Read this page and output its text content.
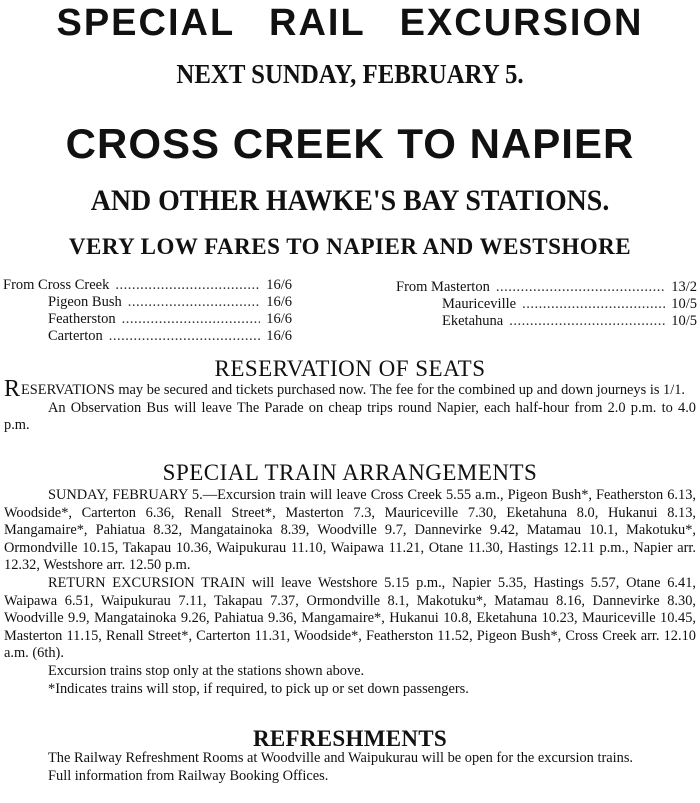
SPECIAL RAIL EXCURSION
NEXT SUNDAY, FEBRUARY 5.
CROSS CREEK TO NAPIER
AND OTHER HAWKE'S BAY STATIONS.
VERY LOW FARES TO NAPIER AND WESTSHORE
From Cross Creek .....	16/6
Pigeon Bush .....	16/6
Featherston .....	16/6
Carterton .....	16/6
From Masterton .....	13/2
Mauriceville .....	10/5
Eketahuna .....	10/5
RESERVATION OF SEATS

RESERVATIONS may be secured and tickets purchased now. The fee for the combined up and down journeys is 1/1.

An Observation Bus will leave The Parade on cheap trips round Napier, each half-hour from 2.0 p.m. to 4.0 p.m.

SPECIAL TRAIN ARRANGEMENTS

SUNDAY, FEBRUARY 5.—Excursion train will leave Cross Creek 5.55 a.m., Pigeon Bush*, Featherston 6.13, Woodside*, Carterton 6.36, Renall Street*, Masterton 7.3, Mauriceville 7.30, Eketahuna 8.0, Hukanui 8.13, Mangamaire*, Pahiatua 8.32, Mangatainoka 8.39, Woodville 9.7, Dannevirke 9.42, Matamau 10.1, Makotuku*, Ormondville 10.15, Takapau 10.36, Waipukurau 11.10, Waipawa 11.21, Otane 11.30, Hastings 12.11 p.m., Napier arr. 12.32, Westshore arr. 12.50 p.m.

RETURN EXCURSION TRAIN will leave Westshore 5.15 p.m., Napier 5.35, Hastings 5.57, Otane 6.41, Waipawa 6.51, Waipukurau 7.11, Takapau 7.37, Ormondville 8.1, Makotuku*, Matamau 8.16, Dannevirke 8.30, Woodville 9.9, Mangatainoka 9.26, Pahiatua 9.36, Mangamaire*, Hukanui 10.8, Eketahuna 10.23, Mauriceville 10.45, Masterton 11.15, Renall Street*, Carterton 11.31, Woodside*, Featherston 11.52, Pigeon Bush*, Cross Creek arr. 12.10 a.m. (6th).

Excursion trains stop only at the stations shown above.

*Indicates trains will stop, if required, to pick up or set down passengers.

REFRESHMENTS

The Railway Refreshment Rooms at Woodville and Waipukurau will be open for the excursion trains.

Full information from Railway Booking Offices.
